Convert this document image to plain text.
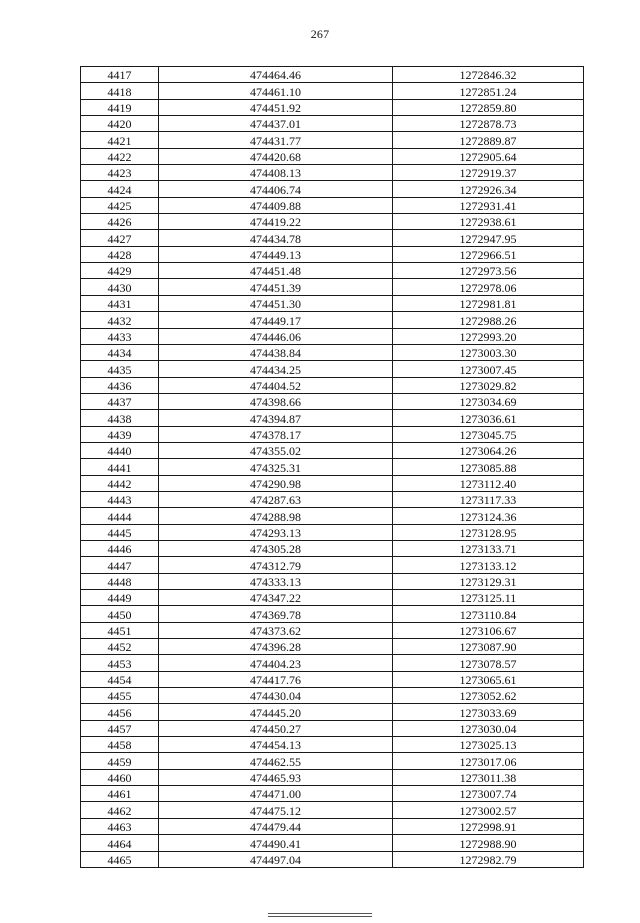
267
4417	474464.46	1272846.32
4418	474461.10	1272851.24
4419	474451.92	1272859.80
4420	474437.01	1272878.73
4421	474431.77	1272889.87
4422	474420.68	1272905.64
4423	474408.13	1272919.37
4424	474406.74	1272926.34
4425	474409.88	1272931.41
4426	474419.22	1272938.61
4427	474434.78	1272947.95
4428	474449.13	1272966.51
4429	474451.48	1272973.56
4430	474451.39	1272978.06
4431	474451.30	1272981.81
4432	474449.17	1272988.26
4433	474446.06	1272993.20
4434	474438.84	1273003.30
4435	474434.25	1273007.45
4436	474404.52	1273029.82
4437	474398.66	1273034.69
4438	474394.87	1273036.61
4439	474378.17	1273045.75
4440	474355.02	1273064.26
4441	474325.31	1273085.88
4442	474290.98	1273112.40
4443	474287.63	1273117.33
4444	474288.98	1273124.36
4445	474293.13	1273128.95
4446	474305.28	1273133.71
4447	474312.79	1273133.12
4448	474333.13	1273129.31
4449	474347.22	1273125.11
4450	474369.78	1273110.84
4451	474373.62	1273106.67
4452	474396.28	1273087.90
4453	474404.23	1273078.57
4454	474417.76	1273065.61
4455	474430.04	1273052.62
4456	474445.20	1273033.69
4457	474450.27	1273030.04
4458	474454.13	1273025.13
4459	474462.55	1273017.06
4460	474465.93	1273011.38
4461	474471.00	1273007.74
4462	474475.12	1273002.57
4463	474479.44	1272998.91
4464	474490.41	1272988.90
4465	474497.04	1272982.79
